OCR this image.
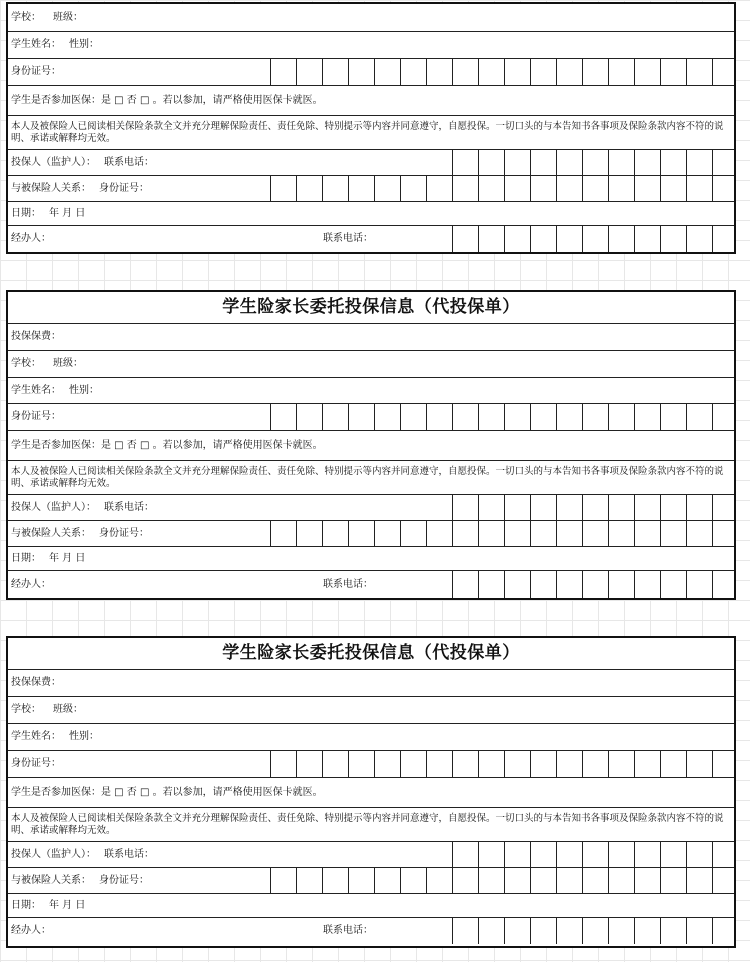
学校： 班级：
学生姓名： 性别：
身份证号：
学生是否参加医保：是 □ 否 □ 。若以参加，请严格使用医保卡就医。
本人及被保险人已阅读相关保险条款全文并充分理解保险责任、责任免除、特别提示等内容并同意遵守，自愿投保。一切口头的与本告知书各事项及保险条款内容不符的说明、承诺或解释均无效。
投保人（监护人）： 联系电话：
与被保险人关系： 身份证号：
日期： 年 月 日
经办人：	联系电话：
学生险家长委托投保信息（代投保单）
投保保费：
学校： 班级：
学生姓名： 性别：
身份证号：
学生是否参加医保：是 □ 否 □ 。若以参加，请严格使用医保卡就医。
本人及被保险人已阅读相关保险条款全文并充分理解保险责任、责任免除、特别提示等内容并同意遵守，自愿投保。一切口头的与本告知书各事项及保险条款内容不符的说明、承诺或解释均无效。
投保人（监护人）： 联系电话：
与被保险人关系： 身份证号：
日期： 年 月 日
经办人：	联系电话：
学生险家长委托投保信息（代投保单）
投保保费：
学校： 班级：
学生姓名： 性别：
身份证号：
学生是否参加医保：是 □ 否 □ 。若以参加，请严格使用医保卡就医。
本人及被保险人已阅读相关保险条款全文并充分理解保险责任、责任免除、特别提示等内容并同意遵守，自愿投保。一切口头的与本告知书各事项及保险条款内容不符的说明、承诺或解释均无效。
投保人（监护人）： 联系电话：
与被保险人关系： 身份证号：
日期： 年 月 日
经办人：	联系电话：
